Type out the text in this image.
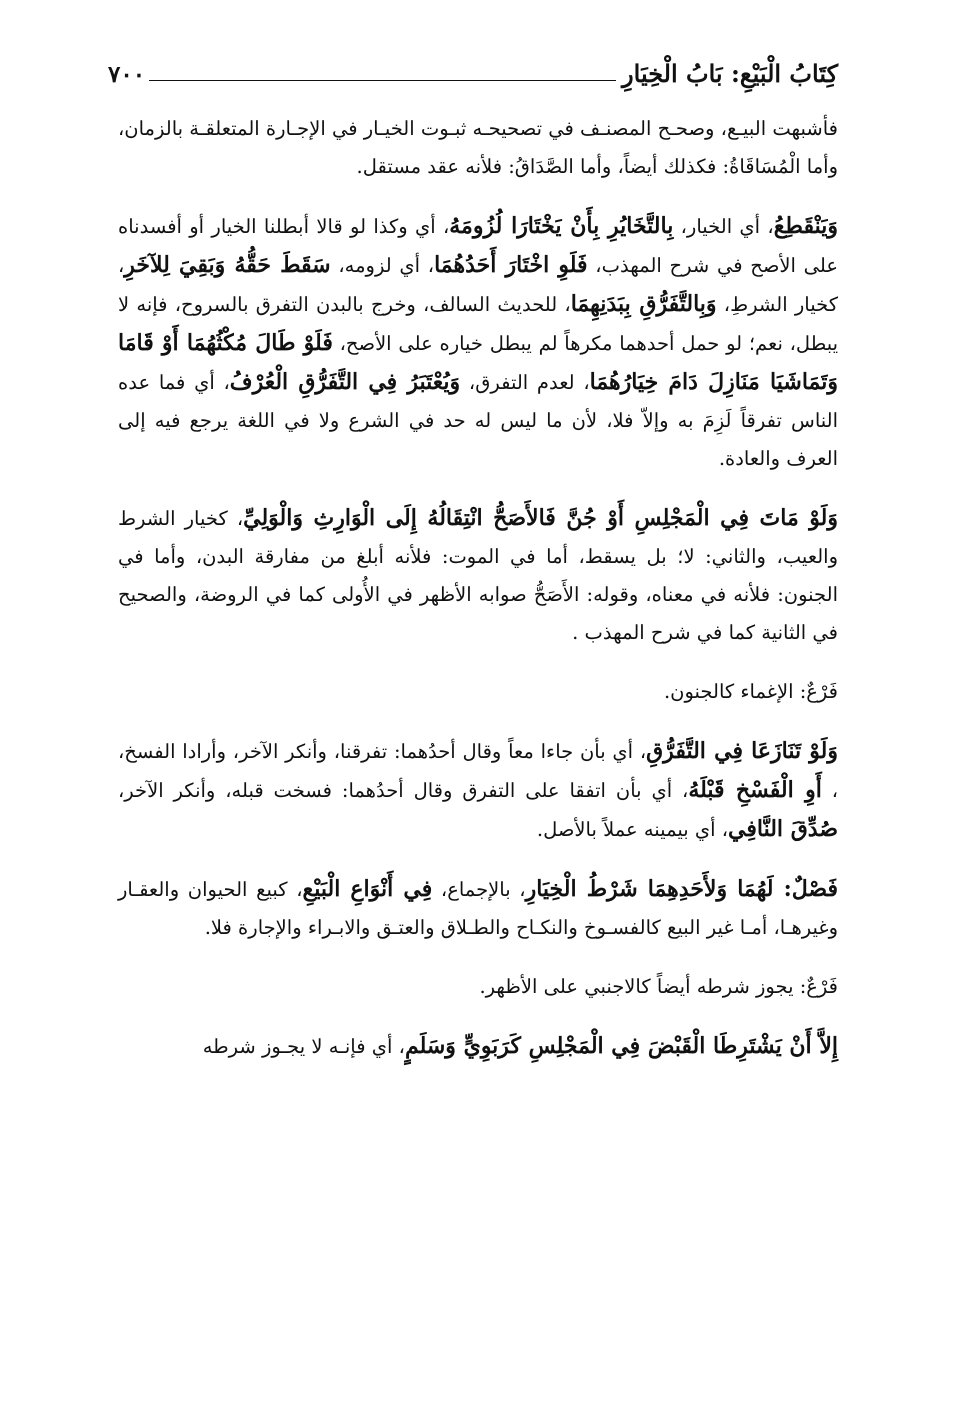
كِتَابُ الْبَيْعِ: بَابُ الْخِيَارِ
٧٠٠

فأشبهت البيـع، وصحـح المصنـف في تصحيحـه ثبـوت الخيـار في الإجـارة المتعلقـة بالزمان، وأما الْمُسَاقَاةُ: فكذلك أيضاً، وأما الصَّدَاقُ: فلأنه عقد مستقل.

وَيَنْقَطِعُ، أي الخيار، بِالتَّخَايُرِ بِأَنْ يَخْتَارَا لُزُومَهُ، أي وكذا لو قالا أبطلنا الخيار أو أفسدناه على الأصح في شرح المهذب، فَلَوِ اخْتَارَ أَحَدُهُمَا، أي لزومه، سَقَطَ حَقُّهُ وَبَقِيَ لِلآخَرِ، كخيار الشرطِ، وَبِالتَّفَرُّقِ بِبَدَنِهِمَا، للحديث السالف، وخرج بالبدن التفرق بالسروح، فإنه لا يبطل، نعم؛ لو حمل أحدهما مكرهاً لم يبطل خياره على الأصح، فَلَوْ طَالَ مُكْثُهُمَا أَوْ قَامَا وَتَمَاشَيَا مَنَازِلَ دَامَ خِيَارُهُمَا، لعدم التفرق، وَيُعْتَبَرُ فِي التَّفَرُّقِ الْعُرْفُ، أي فما عده الناس تفرقاً لَزِمَ به وإلاّ فلا، لأن ما ليس له حد في الشرع ولا في اللغة يرجع فيه إلى العرف والعادة.

وَلَوْ مَاتَ فِي الْمَجْلِسِ أَوْ جُنَّ فَالأَصَحُّ انْتِقَالُهُ إِلَى الْوَارِثِ وَالْوَلِيِّ، كخيار الشرط والعيب، والثاني: لا؛ بل يسقط، أما في الموت: فلأنه أبلغ من مفارقة البدن، وأما في الجنون: فلأنه في معناه، وقوله: الأَصَحُّ صوابه الأظهر في الأُولى كما في الروضة، والصحيح في الثانية كما في شرح المهذب .

فَرْعٌ: الإغماء كالجنون.

وَلَوْ تَنَازَعَا فِي التَّفَرُّقِ، أي بأن جاءا معاً وقال أحدُهما: تفرقنا، وأنكر الآخر، وأرادا الفسخ، ، أَوِ الْفَسْخِ قَبْلَهُ، أي بأن اتفقا على التفرق وقال أحدُهما: فسخت قبله، وأنكر الآخر، صُدِّقَ النَّافِي، أي بيمينه عملاً بالأصل.

فَصْلٌ: لَهُمَا وَلأَحَدِهِمَا شَرْطُ الْخِيَارِ، بالإجماع، فِي أَنْوَاعِ الْبَيْعِ، كبيع الحيوان والعقـار وغيرهـا، أمـا غير البيع كالفسـوخ والنكـاح والطـلاق والعتـق والابـراء والإجارة فلا.

فَرْعٌ: يجوز شرطه أيضاً كالاجنبي على الأظهر.

إِلاَّ أَنْ يَشْتَرِطَا الْقَبْضَ فِي الْمَجْلِسِ كَرَبَوِيٍّ وَسَلَمٍ، أي فإنـه لا يجـوز شرطه
